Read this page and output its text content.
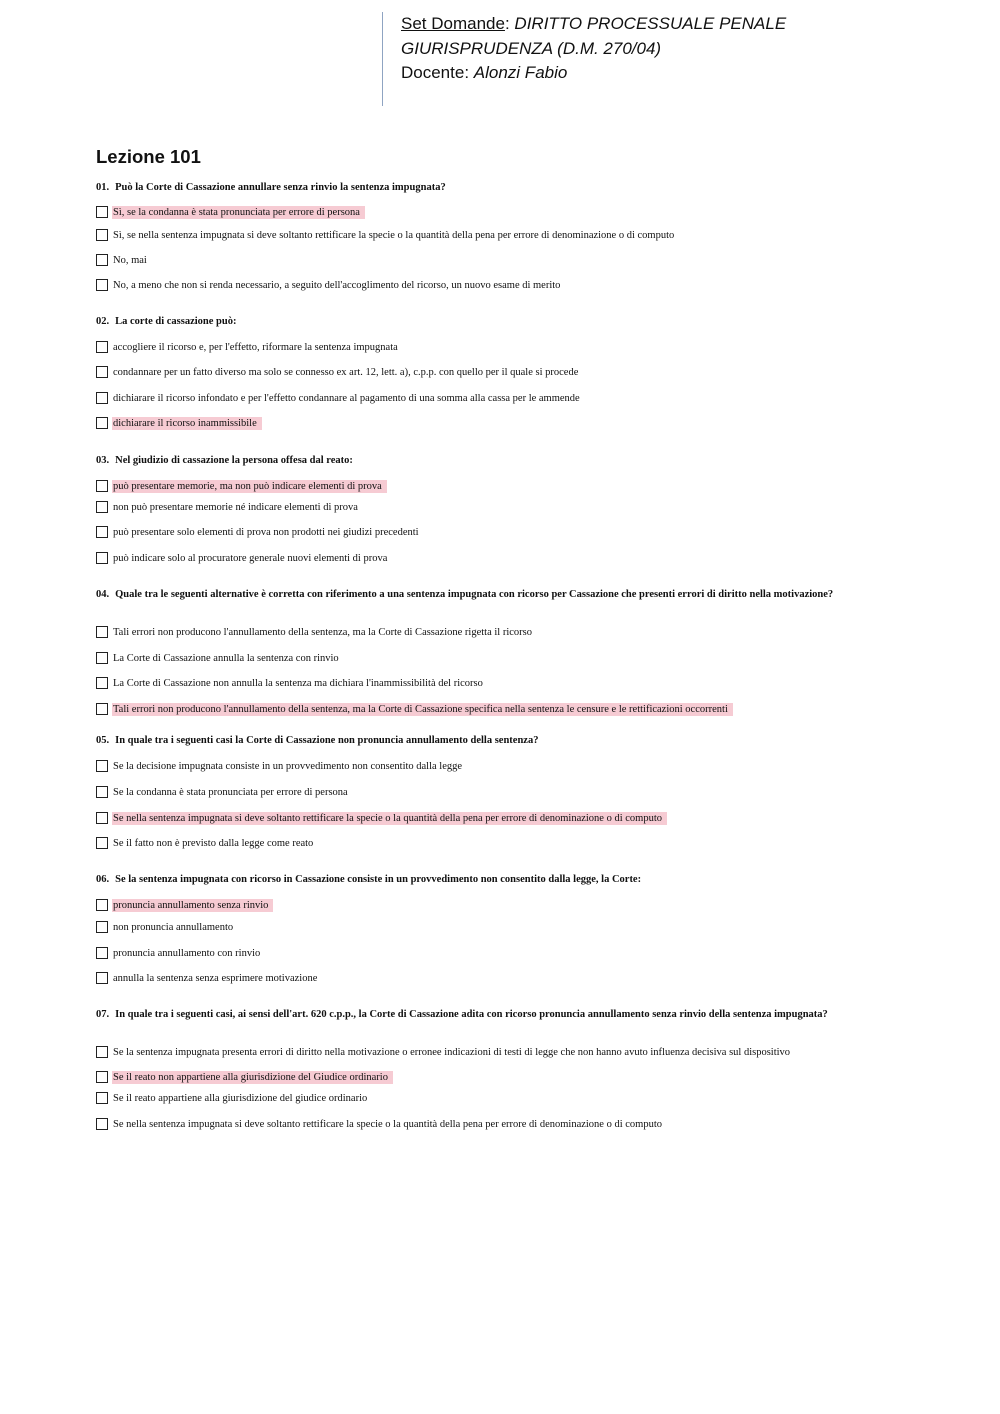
Set Domande: DIRITTO PROCESSUALE PENALE
GIURISPRUDENZA (D.M. 270/04)
Docente: Alonzi Fabio
Lezione 101

01. Può la Corte di Cassazione annullare senza rinvio la sentenza impugnata?

Sì, se la condanna è stata pronunciata per errore di persona
Sì, se nella sentenza impugnata si deve soltanto rettificare la specie o la quantità della pena per errore di denominazione o di computo
No, mai
No, a meno che non si renda necessario, a seguito dell'accoglimento del ricorso, un nuovo esame di merito

02. La corte di cassazione può:

accogliere il ricorso e, per l'effetto, riformare la sentenza impugnata
condannare per un fatto diverso ma solo se connesso ex art. 12, lett. a), c.p.p. con quello per il quale si procede
dichiarare il ricorso infondato e per l'effetto condannare al pagamento di una somma alla cassa per le ammende
dichiarare il ricorso inammissibile

03. Nel giudizio di cassazione la persona offesa dal reato:

può presentare memorie, ma non può indicare elementi di prova
non può presentare memorie né indicare elementi di prova
può presentare solo elementi di prova non prodotti nei giudizi precedenti
può indicare solo al procuratore generale nuovi elementi di prova

04. Quale tra le seguenti alternative è corretta con riferimento a una sentenza impugnata con ricorso per Cassazione che presenti errori di diritto nella motivazione?

Tali errori non producono l'annullamento della sentenza, ma la Corte di Cassazione rigetta il ricorso
La Corte di Cassazione annulla la sentenza con rinvio
La Corte di Cassazione non annulla la sentenza ma dichiara l'inammissibilità del ricorso
Tali errori non producono l'annullamento della sentenza, ma la Corte di Cassazione specifica nella sentenza le censure e le rettificazioni occorrenti

05. In quale tra i seguenti casi la Corte di Cassazione non pronuncia annullamento della sentenza?

Se la decisione impugnata consiste in un provvedimento non consentito dalla legge
Se la condanna è stata pronunciata per errore di persona
Se nella sentenza impugnata si deve soltanto rettificare la specie o la quantità della pena per errore di denominazione o di computo
Se il fatto non è previsto dalla legge come reato

06. Se la sentenza impugnata con ricorso in Cassazione consiste in un provvedimento non consentito dalla legge, la Corte:

pronuncia annullamento senza rinvio
non pronuncia annullamento
pronuncia annullamento con rinvio
annulla la sentenza senza esprimere motivazione

07. In quale tra i seguenti casi, ai sensi dell'art. 620 c.p.p., la Corte di Cassazione adita con ricorso pronuncia annullamento senza rinvio della sentenza impugnata?

Se la sentenza impugnata presenta errori di diritto nella motivazione o erronee indicazioni di testi di legge che non hanno avuto influenza decisiva sul dispositivo
Se il reato non appartiene alla giurisdizione del Giudice ordinario
Se il reato appartiene alla giurisdizione del giudice ordinario
Se nella sentenza impugnata si deve soltanto rettificare la specie o la quantità della pena per errore di denominazione o di computo
